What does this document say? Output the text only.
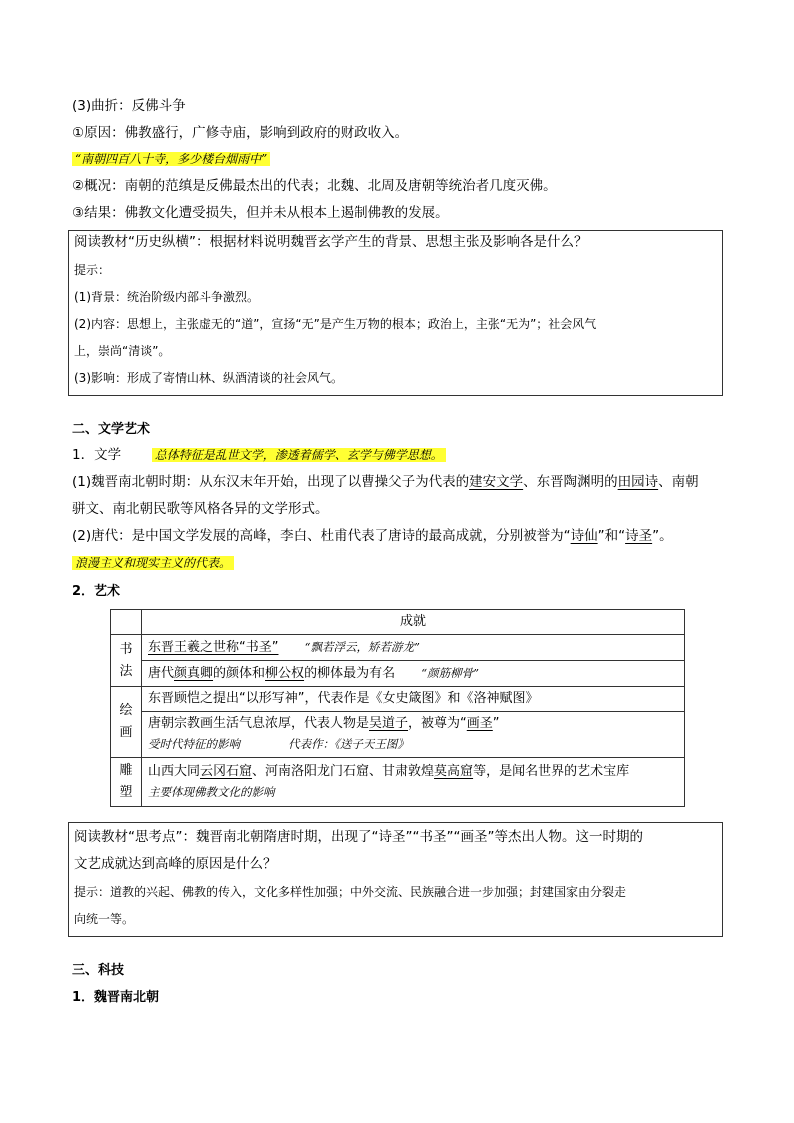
(3)曲折：反佛斗争
①原因：佛教盛行，广修寺庙，影响到政府的财政收入。
“南朝四百八十寺，多少楼台烟雨中”
②概况：南朝的范缜是反佛最杰出的代表；北魏、北周及唐朝等统治者几度灭佛。
③结果：佛教文化遭受损失，但并未从根本上遏制佛教的发展。
阅读教材“历史纵横”：根据材料说明魏晋玄学产生的背景、思想主张及影响各是什么？
提示：
(1)背景：统治阶级内部斗争激烈。
(2)内容：思想上，主张虚无的“道”，宣扬“无”是产生万物的根本；政治上，主张“无为”；社会风气
上，崇尚“清谈”。
(3)影响：形成了寄情山林、纵酒清谈的社会风气。
二、文学艺术
1．文学	总体特征是乱世文学，渗透着儒学、玄学与佛学思想。
(1)魏晋南北朝时期：从东汉末年开始，出现了以曹操父子为代表的建安文学、东晋陶渊明的田园诗、南朝
骈文、南北朝民歌等风格各异的文学形式。
(2)唐代：是中国文学发展的高峰，李白、杜甫代表了唐诗的最高成就，分别被誉为“诗仙”和“诗圣”。
浪漫主义和现实主义的代表。
2．艺术
	成就
书
法	东晋王羲之世称“书圣” “飘若浮云，矫若游龙”
	唐代颜真卿的颜体和柳公权的柳体最为有名 “颜筋柳骨”
绘
画	东晋顾恺之提出“以形写神”，代表作是《女史箴图》和《洛神赋图》
	唐朝宗教画生活气息浓厚，代表人物是吴道子，被尊为“画圣”
受时代特征的影响 代表作：《送子天王图》
雕
塑	山西大同云冈石窟、河南洛阳龙门石窟、甘肃敦煌莫高窟等，是闻名世界的艺术宝库
主要体现佛教文化的影响
阅读教材“思考点”：魏晋南北朝隋唐时期，出现了“诗圣”“书圣”“画圣”等杰出人物。这一时期的
文艺成就达到高峰的原因是什么？
提示：道教的兴起、佛教的传入，文化多样性加强；中外交流、民族融合进一步加强；封建国家由分裂走
向统一等。
三、科技
1．魏晋南北朝
